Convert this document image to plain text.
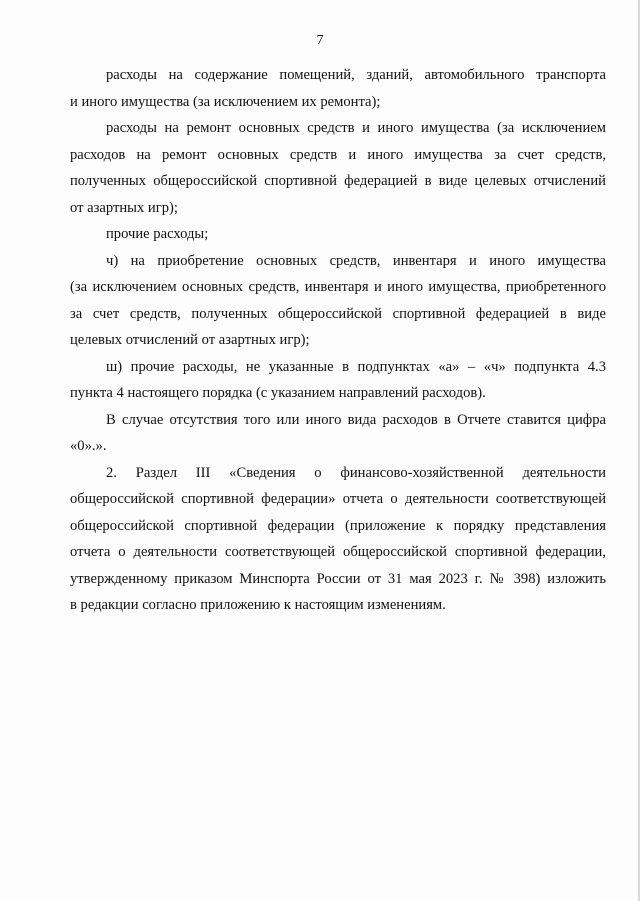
7

расходы на содержание помещений, зданий, автомобильного транспорта
и иного имущества (за исключением их ремонта);

расходы на ремонт основных средств и иного имущества (за исключением
расходов на ремонт основных средств и иного имущества за счет средств,
полученных общероссийской спортивной федерацией в виде целевых отчислений
от азартных игр);

прочие расходы;

ч) на приобретение основных средств, инвентаря и иного имущества
(за исключением основных средств, инвентаря и иного имущества, приобретенного
за счет средств, полученных общероссийской спортивной федерацией в виде
целевых отчислений от азартных игр);

ш) прочие расходы, не указанные в подпунктах «а» – «ч» подпункта 4.3
пункта 4 настоящего порядка (с указанием направлений расходов).

В случае отсутствия того или иного вида расходов в Отчете ставится цифра
«0».».

2. Раздел III «Сведения о финансово-хозяйственной деятельности
общероссийской спортивной федерации» отчета о деятельности соответствующей
общероссийской спортивной федерации (приложение к порядку представления
отчета о деятельности соответствующей общероссийской спортивной федерации,
утвержденному приказом Минспорта России от 31 мая 2023 г. № 398) изложить
в редакции согласно приложению к настоящим изменениям.
